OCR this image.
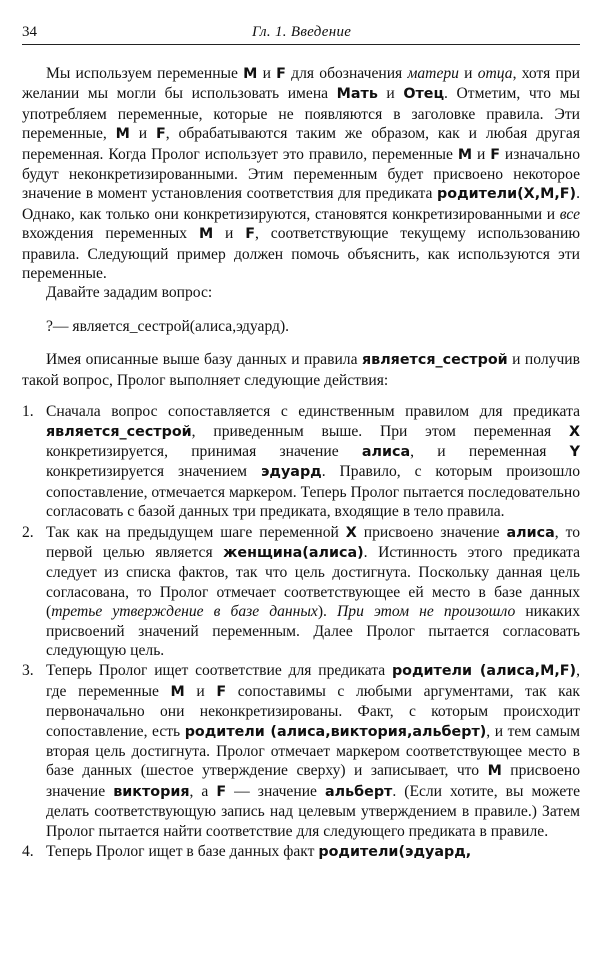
34	Гл. 1. Введение

Мы используем переменные M и F для обозначения матери и отца, хотя при желании мы могли бы использовать имена Мать и Отец. Отметим, что мы употребляем переменные, которые не появляются в заголовке правила. Эти переменные, M и F, обрабатываются таким же образом, как и любая другая переменная. Когда Пролог использует это правило, переменные M и F изначально будут неконкретизированными. Этим переменным будет присвоено некоторое значение в момент установления соответствия для предиката родители(X,M,F). Однако, как только они конкретизируются, становятся конкретизированными и все вхождения переменных M и F, соответствующие текущему использованию правила. Следующий пример должен помочь объяснить, как используются эти переменные.

Давайте зададим вопрос:

?— является_сестрой(алиса,эдуард).

Имея описанные выше базу данных и правила является_сестрой и получив такой вопрос, Пролог выполняет следующие действия:

1. Сначала вопрос сопоставляется с единственным правилом для предиката является_сестрой, приведенным выше. При этом переменная X конкретизируется, принимая значение алиса, и переменная Y конкретизируется значением эдуард. Правило, с которым произошло сопоставление, отмечается маркером. Теперь Пролог пытается последовательно согласовать с базой данных три предиката, входящие в тело правила.
2. Так как на предыдущем шаге переменной X присвоено значение алиса, то первой целью является женщина(алиса). Истинность этого предиката следует из списка фактов, так что цель достигнута. Поскольку данная цель согласована, то Пролог отмечает соответствующее ей место в базе данных (третье утверждение в базе данных). При этом не произошло никаких присвоений значений переменным. Далее Пролог пытается согласовать следующую цель.
3. Теперь Пролог ищет соответствие для предиката родители (алиса,M,F), где переменные M и F сопоставимы с любыми аргументами, так как первоначально они неконкретизированы. Факт, с которым происходит сопоставление, есть родители (алиса,виктория,альберт), и тем самым вторая цель достигнута. Пролог отмечает маркером соответствующее место в базе данных (шестое утверждение сверху) и записывает, что M присвоено значение виктория, а F — значение альберт. (Если хотите, вы можете делать соответствующую запись над целевым утверждением в правиле.) Затем Пролог пытается найти соответствие для следующего предиката в правиле.
4. Теперь Пролог ищет в базе данных факт родители(эдуард,
